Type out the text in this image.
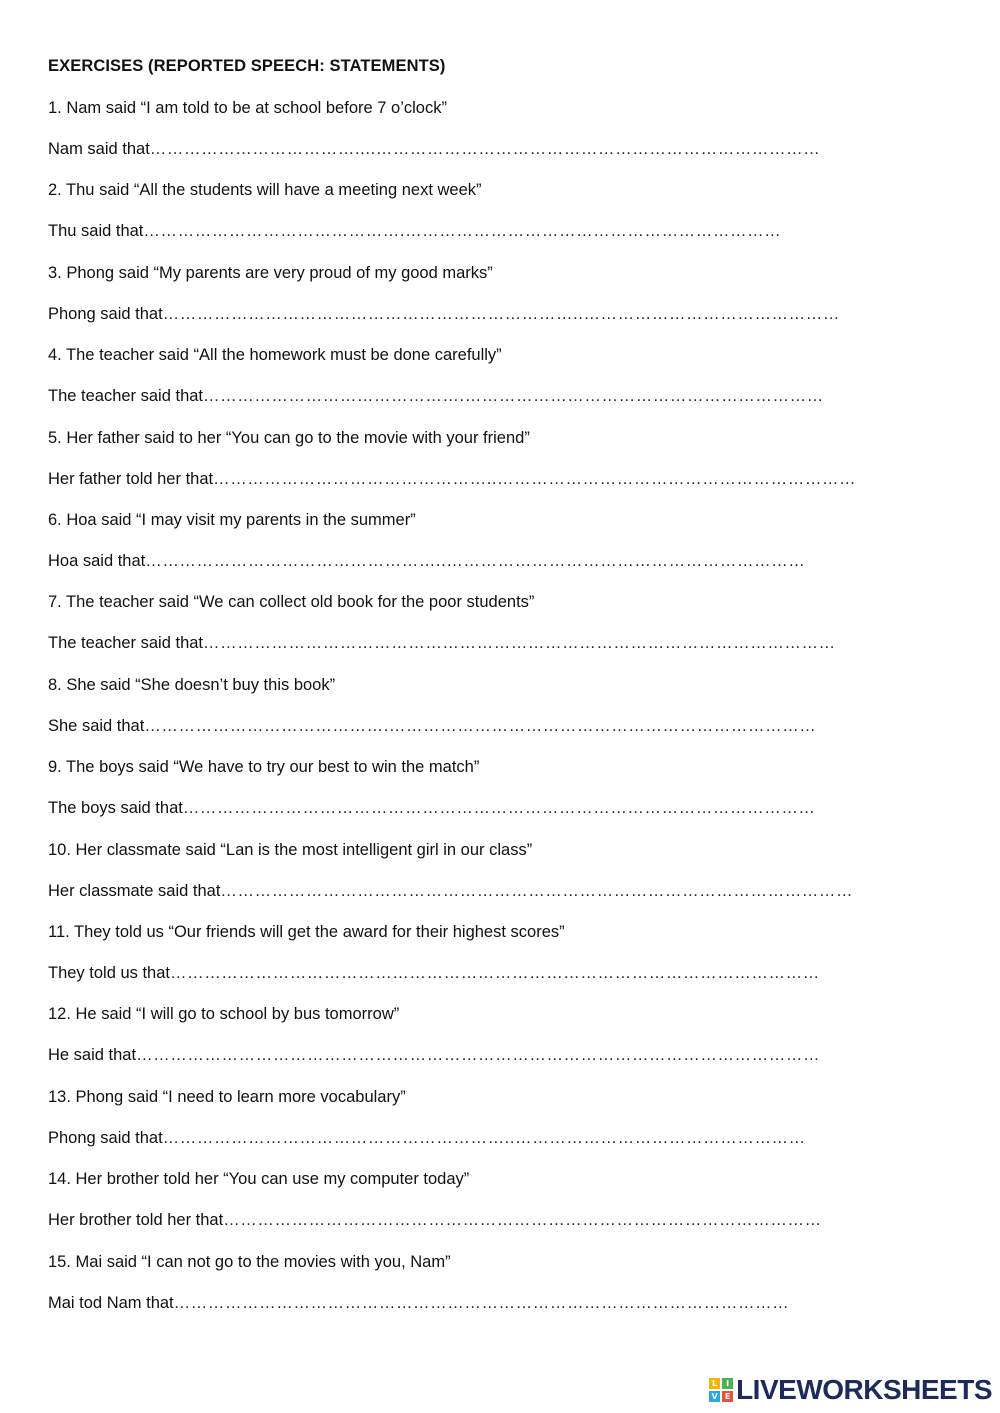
EXERCISES (REPORTED SPEECH: STATEMENTS)
1. Nam said “I am told to be at school before 7 o’clock”
Nam said that ………………………………....……………………………………………………………………
2. Thu said “All the students will have a meeting next week”
Thu said that ……………………………………….…………………………………………………………
3. Phong said “My parents are very proud of my good marks”
Phong said that ………………………………………………………………..………………………………………
4. The teacher said “All the homework must be done carefully”
The teacher said that ……………………………………….………………………………………………………
5. Her father said to her “You can go to the movie with your friend”
Her father told her that …………………………………………..………………………………………………………
6. Hoa said “I may visit my parents in the summer”
Hoa said that ……………………………………………..………………………………………………………
7. The teacher said “We can collect old book for the poor students”
The teacher said that …………………………………………………………………………………………………
8. She said “She doesn’t buy this book”
She said that …………………………………….…………………………………………………………………
9. The boys said “We have to try our best to win the match”
The boys said that …………………………………………………………………………………………………
10. Her classmate said “Lan is the most intelligent girl in our class”
Her classmate said that …………………………………………………………………………………………………
11. They told us “Our friends will get the award for their highest scores”
They told us that ……………………………………………………………………………………………………
12. He said “I will go to school by bus tomorrow”
He said that …………………………………………………………………………………………………………
13. Phong said “I need to learn more vocabulary”
Phong said that ……………………………………………………..……………………………………………
14. Her brother told her “You can use my computer today”
Her brother told her that ……………………………………………………………………………………………
15. Mai said “I can not go to the movies with you, Nam”
Mai tod Nam that ………………………………………………………………………………………………
L	I
V E LIVEWORKSHEETS
